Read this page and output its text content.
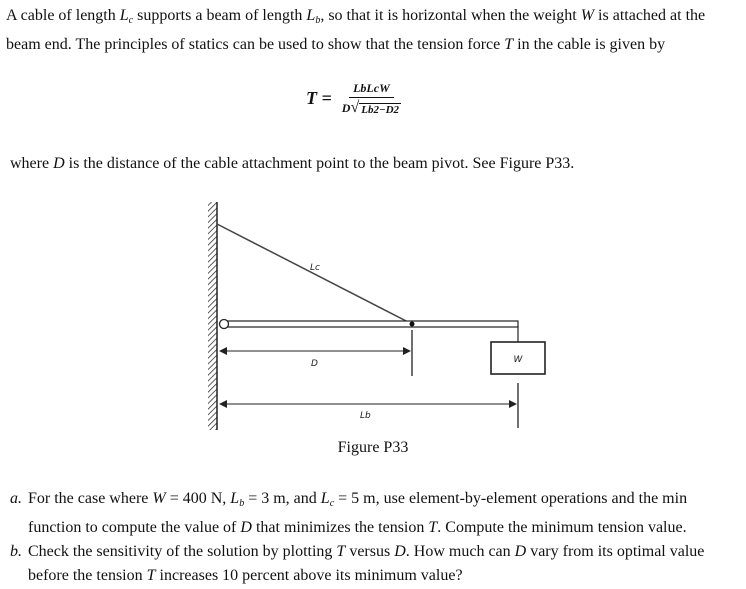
A cable of length $L_c$ supports a beam of length $L_b$, so that it is horizontal when the weight W is attached at the beam end. The principles of statics can be used to show that the tension force T in the cable is given by
$T = \frac{\text{LbLcW}}{D √ Lb2-D2}$
where D is the distance of the cable attachment point to the beam pivot. See Figure P33.
Lc
W
D
Lb
Figure P33
a. For the case where W = 400 N, $L_b = 3$ m, and $L_c = 5$ m, use element-by-element operations and the min function to compute the value of D that minimizes the tension T. Compute the minimum tension value.
b. Check the sensitivity of the solution by plotting T versus D. How much can D vary from its optimal value before the tension T increases 10 percent above its minimum value?
